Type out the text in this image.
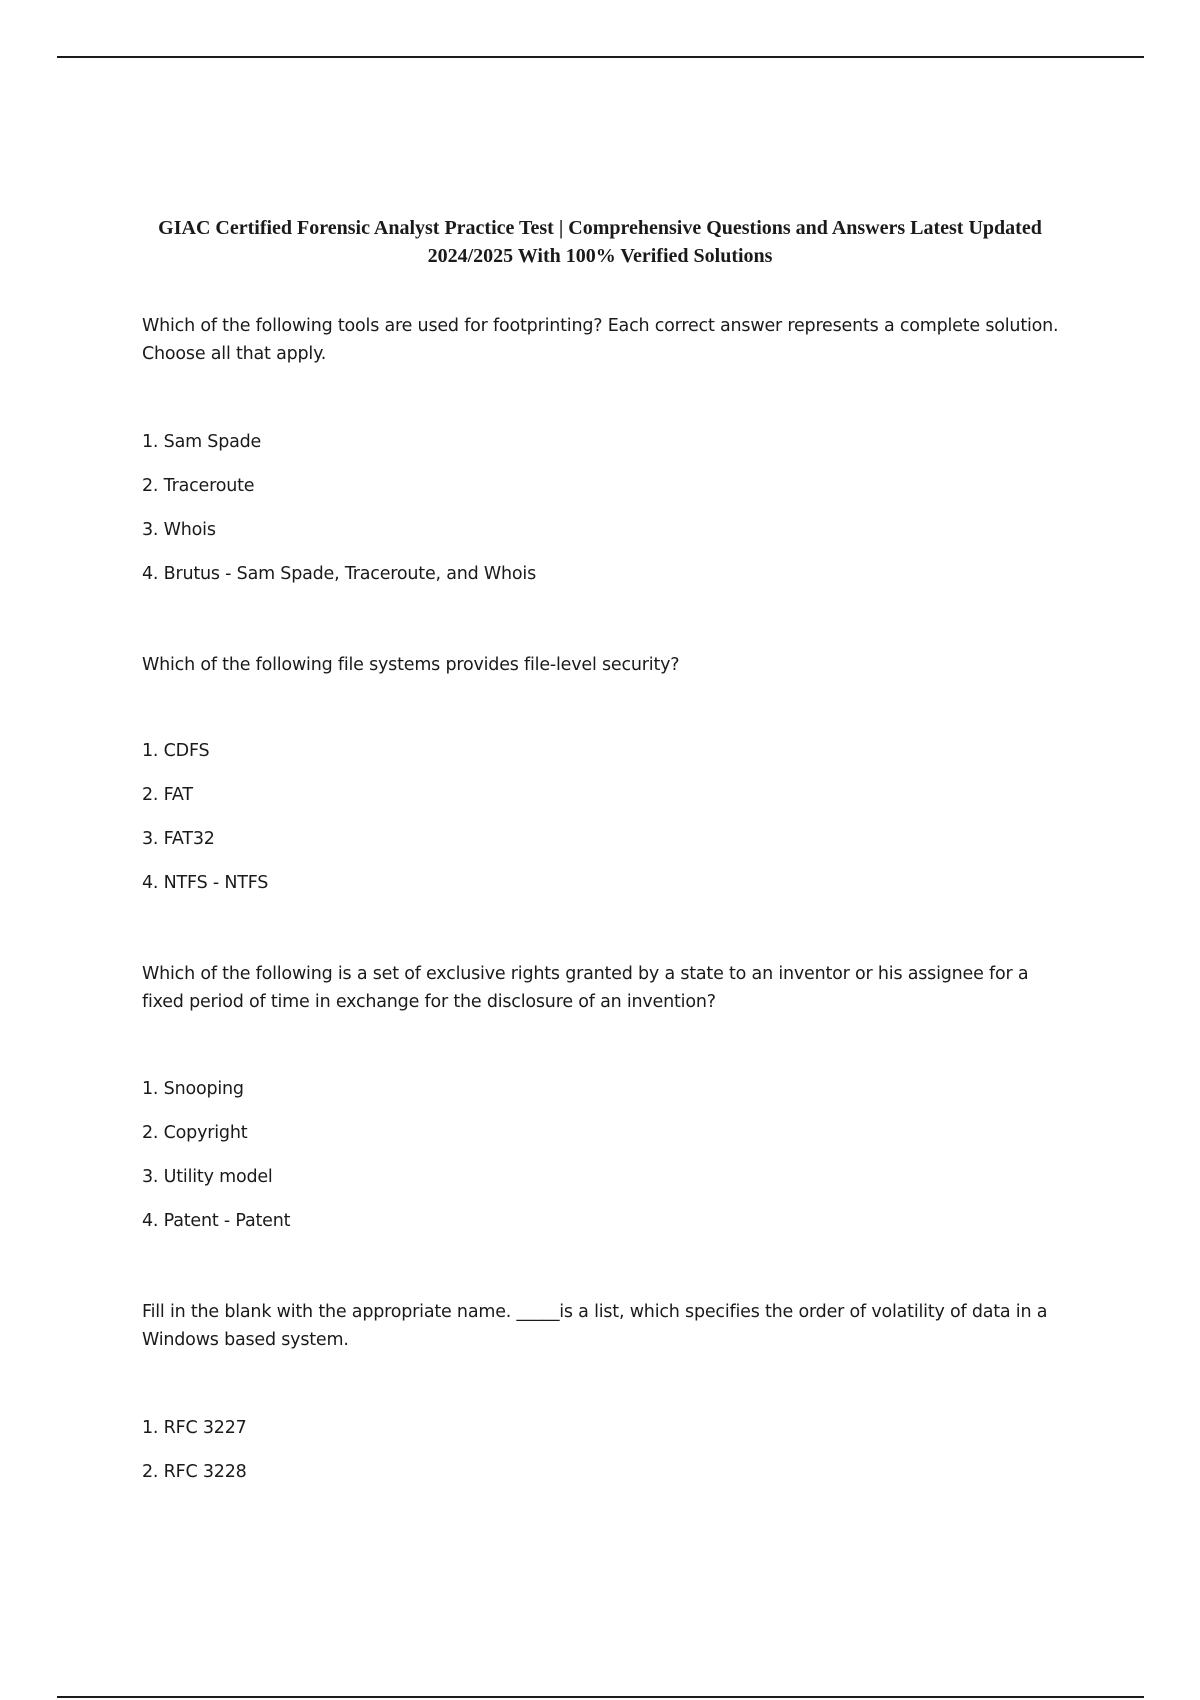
GIAC Certified Forensic Analyst Practice Test | Comprehensive Questions and Answers Latest Updated 2024/2025 With 100% Verified Solutions

Which of the following tools are used for footprinting? Each correct answer represents a complete solution. Choose all that apply.

1. Sam Spade

2. Traceroute

3. Whois

4. Brutus - Sam Spade, Traceroute, and Whois

Which of the following file systems provides file-level security?

1. CDFS

2. FAT

3. FAT32

4. NTFS - NTFS

Which of the following is a set of exclusive rights granted by a state to an inventor or his assignee for a fixed period of time in exchange for the disclosure of an invention?

1. Snooping

2. Copyright

3. Utility model

4. Patent - Patent

Fill in the blank with the appropriate name. _____is a list, which specifies the order of volatility of data in a Windows based system.

1. RFC 3227

2. RFC 3228
